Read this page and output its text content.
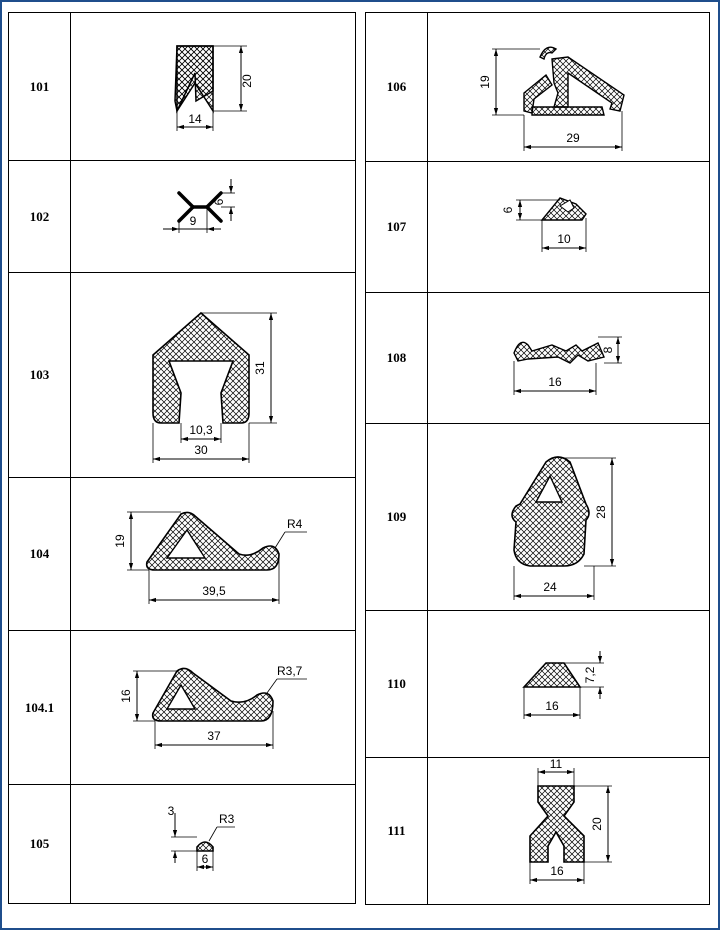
101	20
14

102	9
6

103	31
10,3
30

104	19
39,5
R4

104.1	16
37
R3,7

105	3
6
R3
106	19
29

107	6
10

108	8
16

109	28
24

110	7,2
16

111	11
20
16
